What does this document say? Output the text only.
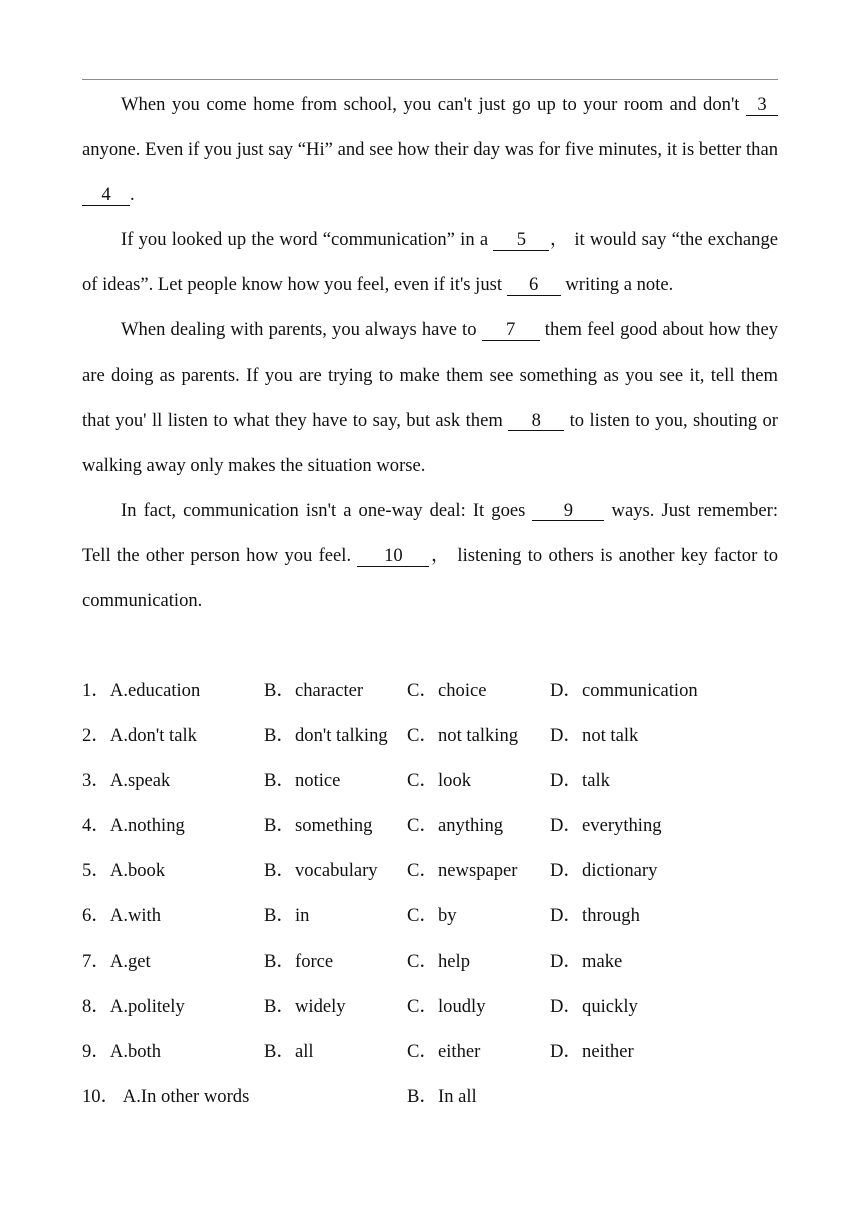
When you come home from school, you can't just go up to your room and don't 3 anyone. Even if you just say “Hi” and see how their day was for five minutes, it is better than 4 .

If you looked up the word “communication” in a 5 ， it would say “the exchange of ideas”. Let people know how you feel, even if it's just 6 writing a note.

When dealing with parents, you always have to 7 them feel good about how they are doing as parents. If you are trying to make them see something as you see it, tell them that you' ll listen to what they have to say, but ask them 8 to listen to you, shouting or walking away only makes the situation worse.

In fact, communication isn't a one-way deal: It goes 9 ways. Just remember: Tell the other person how you feel. 10 ， listening to others is another key factor to communication.

1．A.education	B．character C．choice	D．communication
2．A.don't talk	B．don't talking C．not talking D．not talk
3．A.speak	B．notice	C．look	D．talk
4．A.nothing	B．something C．anything	D．everything
5．A.book	B．vocabulary C．newspaper D．dictionary
6．A.with	B．in	C．by	D．through
7．A.get	B．force	C．help	D．make
8．A.politely	B．widely	C．loudly	D．quickly
9．A.both	B．all	C．either	D．neither
10． A.In other words	B．In all
